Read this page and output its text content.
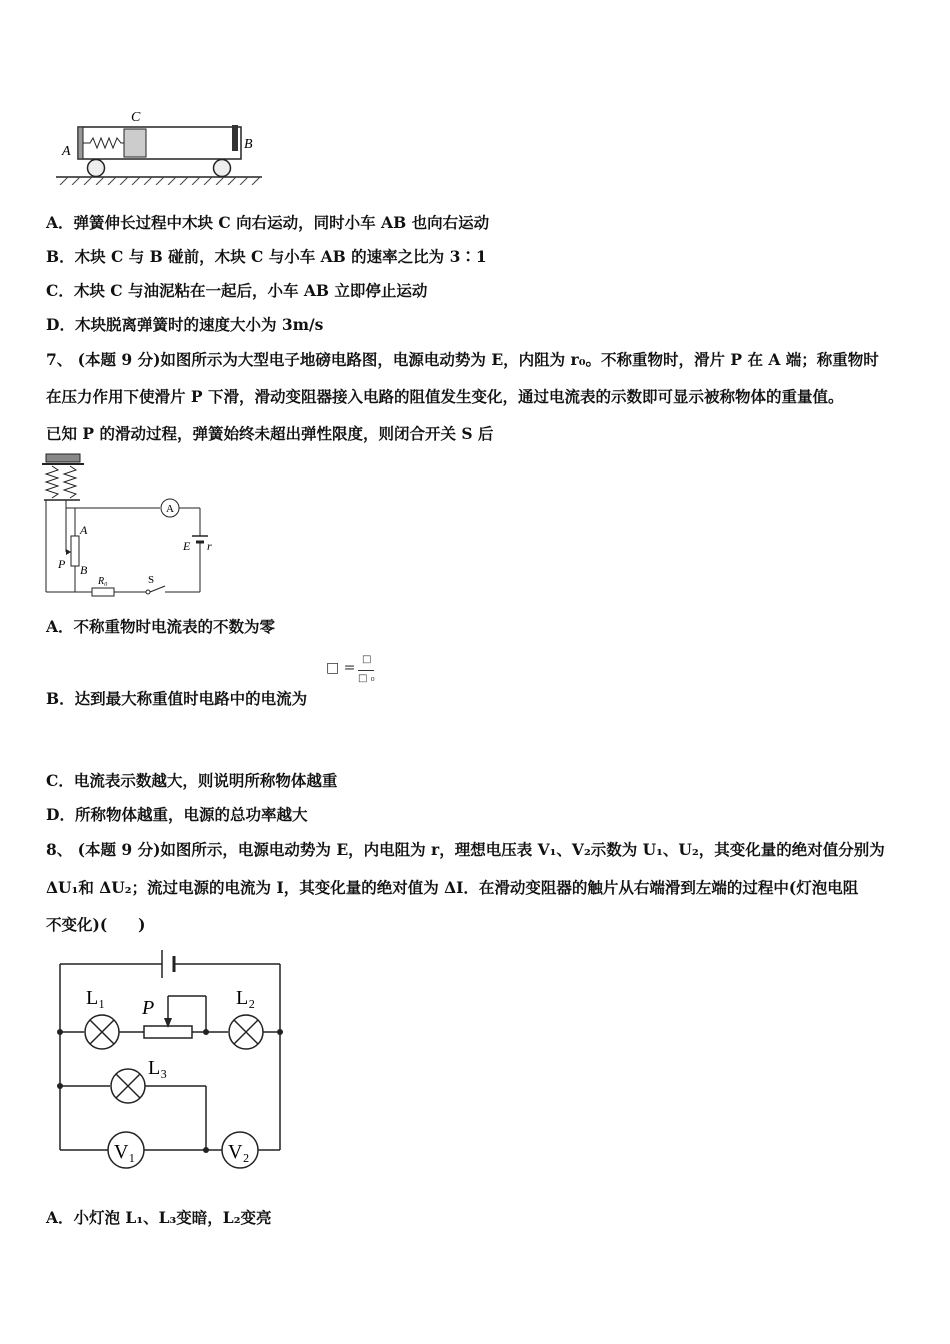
A
C
B
A．弹簧伸长过程中木块 C 向右运动，同时小车 AB 也向右运动
B．木块 C 与 B 碰前，木块 C 与小车 AB 的速率之比为 3∶1
C．木块 C 与油泥粘在一起后，小车 AB 立即停止运动
D．木块脱离弹簧时的速度大小为 3m/s
7、 (本题 9 分)如图所示为大型电子地磅电路图，电源电动势为 E，内阻为 r₀。不称重物时，滑片 P 在 A 端；称重物时
在压力作用下使滑片 P 下滑，滑动变阻器接入电路的阻值发生变化，通过电流表的示数即可显示被称物体的重量值。
已知 P 的滑动过程，弹簧始终未超出弹性限度，则闭合开关 S 后
A
E r
A
B
P
R₀	S
A．不称重物时电流表的不数为零
□ =
□
□ ₀
B．达到最大称重值时电路中的电流为
C．电流表示数越大，则说明所称物体越重
D．所称物体越重，电源的总功率越大
8、 (本题 9 分)如图所示，电源电动势为 E，内电阻为 r，理想电压表 V₁、V₂示数为 U₁、U₂，其变化量的绝对值分别为
ΔU₁和 ΔU₂；流过电源的电流为 I，其变化量的绝对值为 ΔI．在滑动变阻器的触片从右端滑到左端的过程中(灯泡电阻
不变化)(　　)
L₁ P	L₂
L₃
V₁	V₂
A．小灯泡 L₁、L₃变暗，L₂变亮
